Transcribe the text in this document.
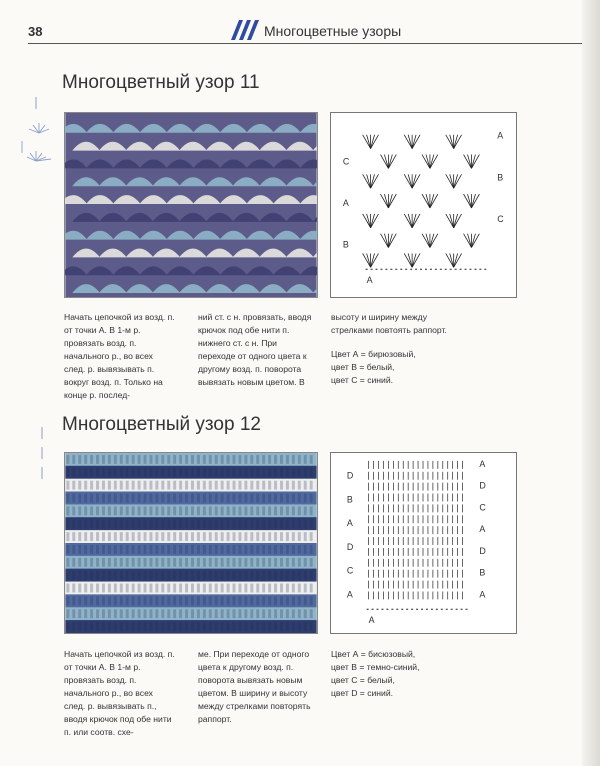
38	Многоцветные узоры
Многоцветный узор 11
C
A
B
A
B
C
A
Начать цепочкой из возд. п. от точки А. В 1-м р. провязать возд. п. начального р., во всех след. р. вывязывать п. вокруг возд. п. Только на конце р. послед-
ний ст. с н. провязать, вводя крючок под обе нити п. нижнего ст. с н. При переходе от одного цвета к другому возд. п. поворота вывязать новым цветом. В
высоту и ширину между стрелками повтоять раппорт.
Цвет А = бирюзовый,
цвет В = белый,
цвет С = синий.
Многоцветный узор 12
D
B
A
D
C
A
A
D
C
A
D
B
A
A
Начать цепочкой из возд. п. от точки А. В 1-м р. провязать возд. п. начального р., во всех след. р. вывязывать п., вводя крючок под обе нити п. или соотв. схе-
ме. При переходе от одного цвета к другому возд. п. поворота вывязать новым цветом. В ширину и высоту между стрелками повторять раппорт.
Цвет А = бисюзовый,
цвет В = темно-синий,
цвет С = белый,
цвет D = синий.
